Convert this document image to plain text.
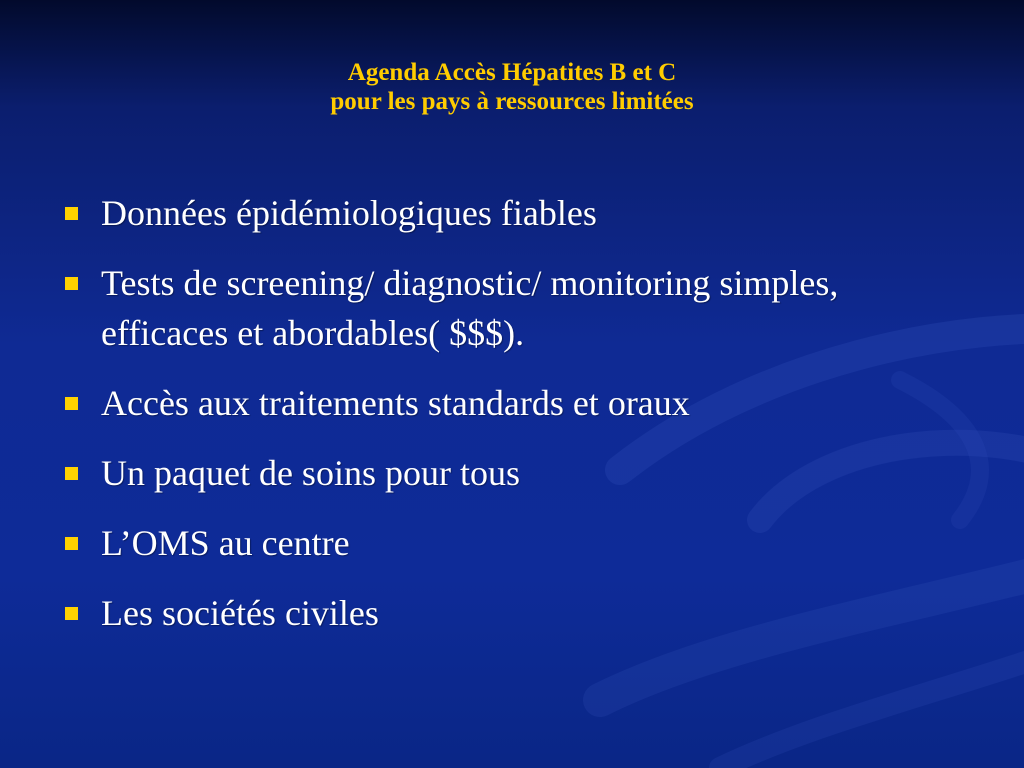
Agenda Accès Hépatites B et C
pour les pays à ressources limitées
Données épidémiologiques fiables
Tests de screening/ diagnostic/ monitoring simples, efficaces et abordables( $$$).
Accès aux traitements standards et oraux
Un paquet de soins pour tous
L’OMS au centre
Les sociétés civiles
